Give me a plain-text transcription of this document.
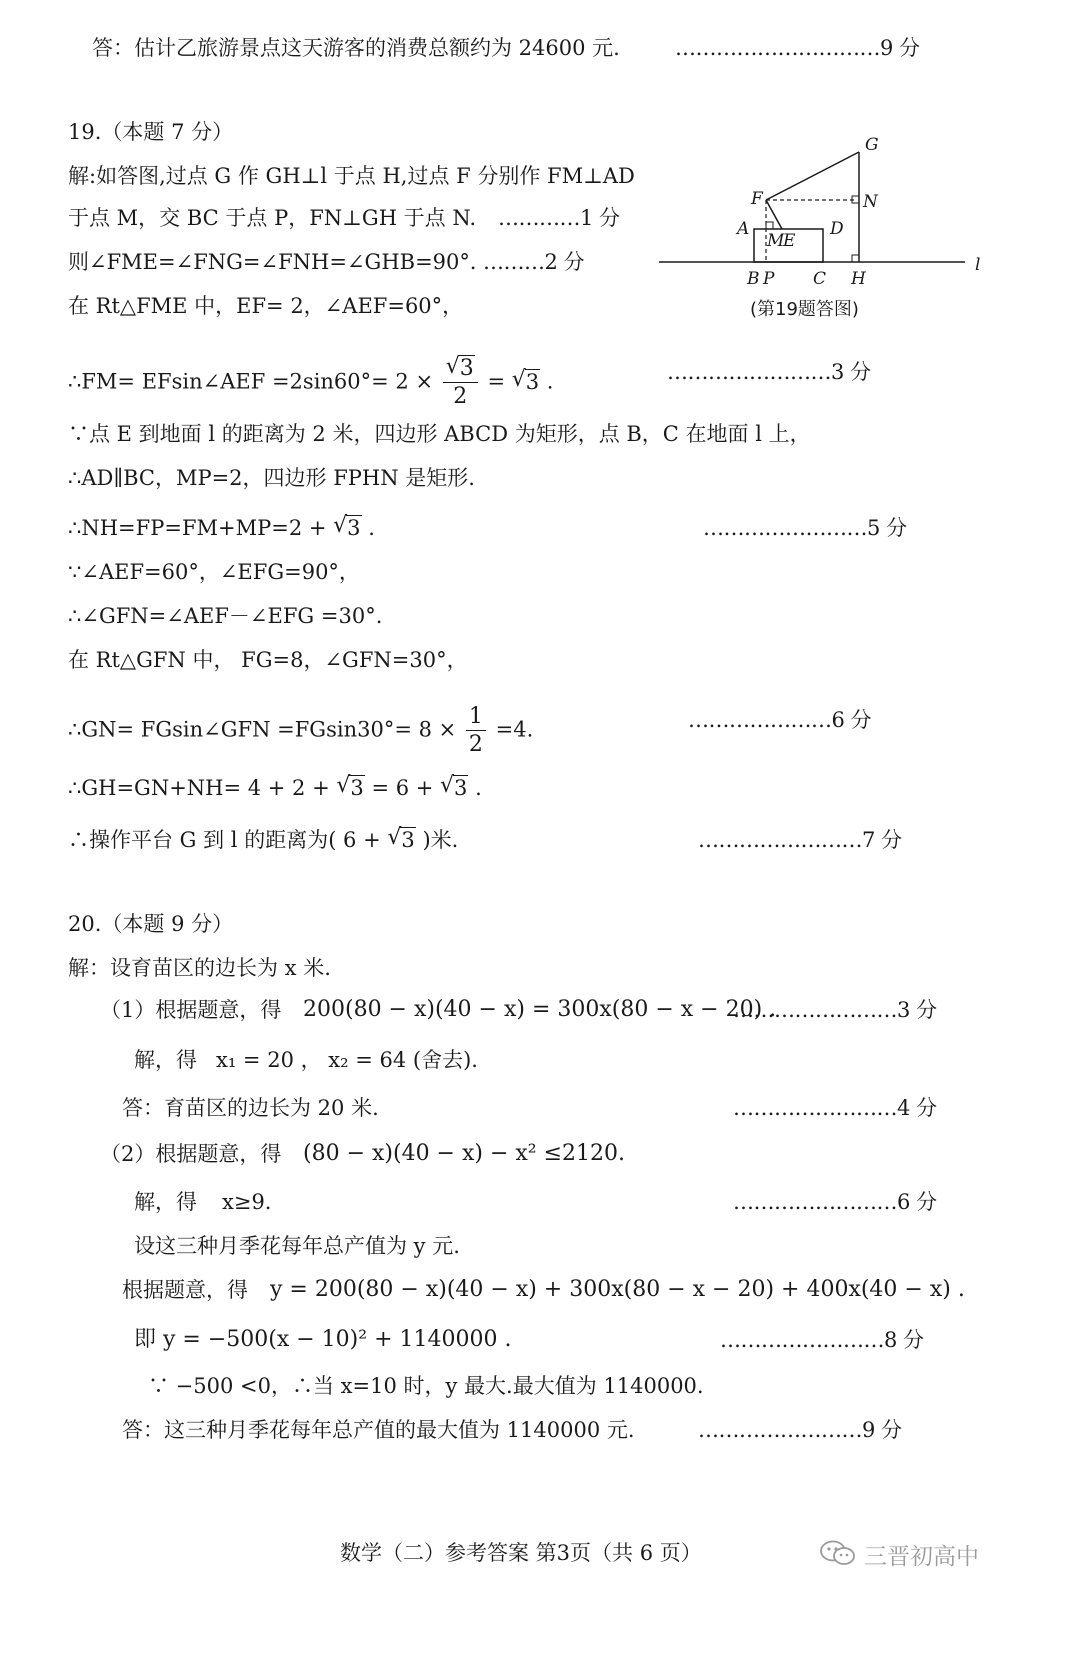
答：估计乙旅游景点这天游客的消费总额约为 24600 元.	…………………………9 分
19.（本题 7 分）
解:如答图,过点 G 作 GH⊥l 于点 H,过点 F 分别作 FM⊥AD
于点 M，交 BC 于点 P，FN⊥GH 于点 N. …………1 分
则∠FME=∠FNG=∠FNH=∠GHB=90°．
………2 分
在 Rt△FME 中，EF= 2，∠AEF=60°，
∴FM= EFsin∠AEF =2sin60°= 2 × √ $\frac{3}{2}$ = √ 3 .	……………………3 分
∵点 E 到地面 l 的距离为 2 米，四边形 ABCD 为矩形，点 B，C 在地面 l 上，
∴AD∥BC，MP=2，四边形 FPHN 是矩形.
∴NH=FP=FM+MP=2 + √ 3 .	……………………5 分
∵∠AEF=60°，∠EFG=90°，
∴∠GFN=∠AEF－∠EFG =30°.
在 Rt△GFN 中， FG=8，∠GFN=30°，
∴GN= FGsin∠GFN $=FGsin30^\circ= 8 \times \frac{1}{2} =4$.	…………………6 分
∴GH=GN+NH= 4 + 2 + √ 3 = 6 + √ 3 .
∴操作平台 G 到 l 的距离为( 6 + √ 3 )米.	……………………7 分
G
F	N
A	D
M
E
B P C H
l
(第19题答图)
20.（本题 9 分）
解：设育苗区的边长为 x 米.
（1）根据题意，得 200(80 − x)(40 − x) = 300x(80 − x − 20) .
……………………3 分
解，得 x₁ = 20 ， x₂ = 64 (舍去).
答：育苗区的边长为 20 米.	……………………4 分
（2）根据题意，得 (80 − x)(40 − x) − x² ≤2120.
解，得 x≥9.	……………………6 分
设这三种月季花每年总产值为 y 元.
根据题意，得 y = 200(80 − x)(40 − x) + 300x(80 − x − 20) + 400x(40 − x) .
即 y = −500(x − 10)² + 1140000 .	……………………8 分
∵ −500 <0，∴当 x=10 时，y 最大.最大值为 1140000.
答：这三种月季花每年总产值的最大值为 1140000 元.	……………………9 分
数学（二）参考答案 第3页（共 6 页）	三晋初高中
